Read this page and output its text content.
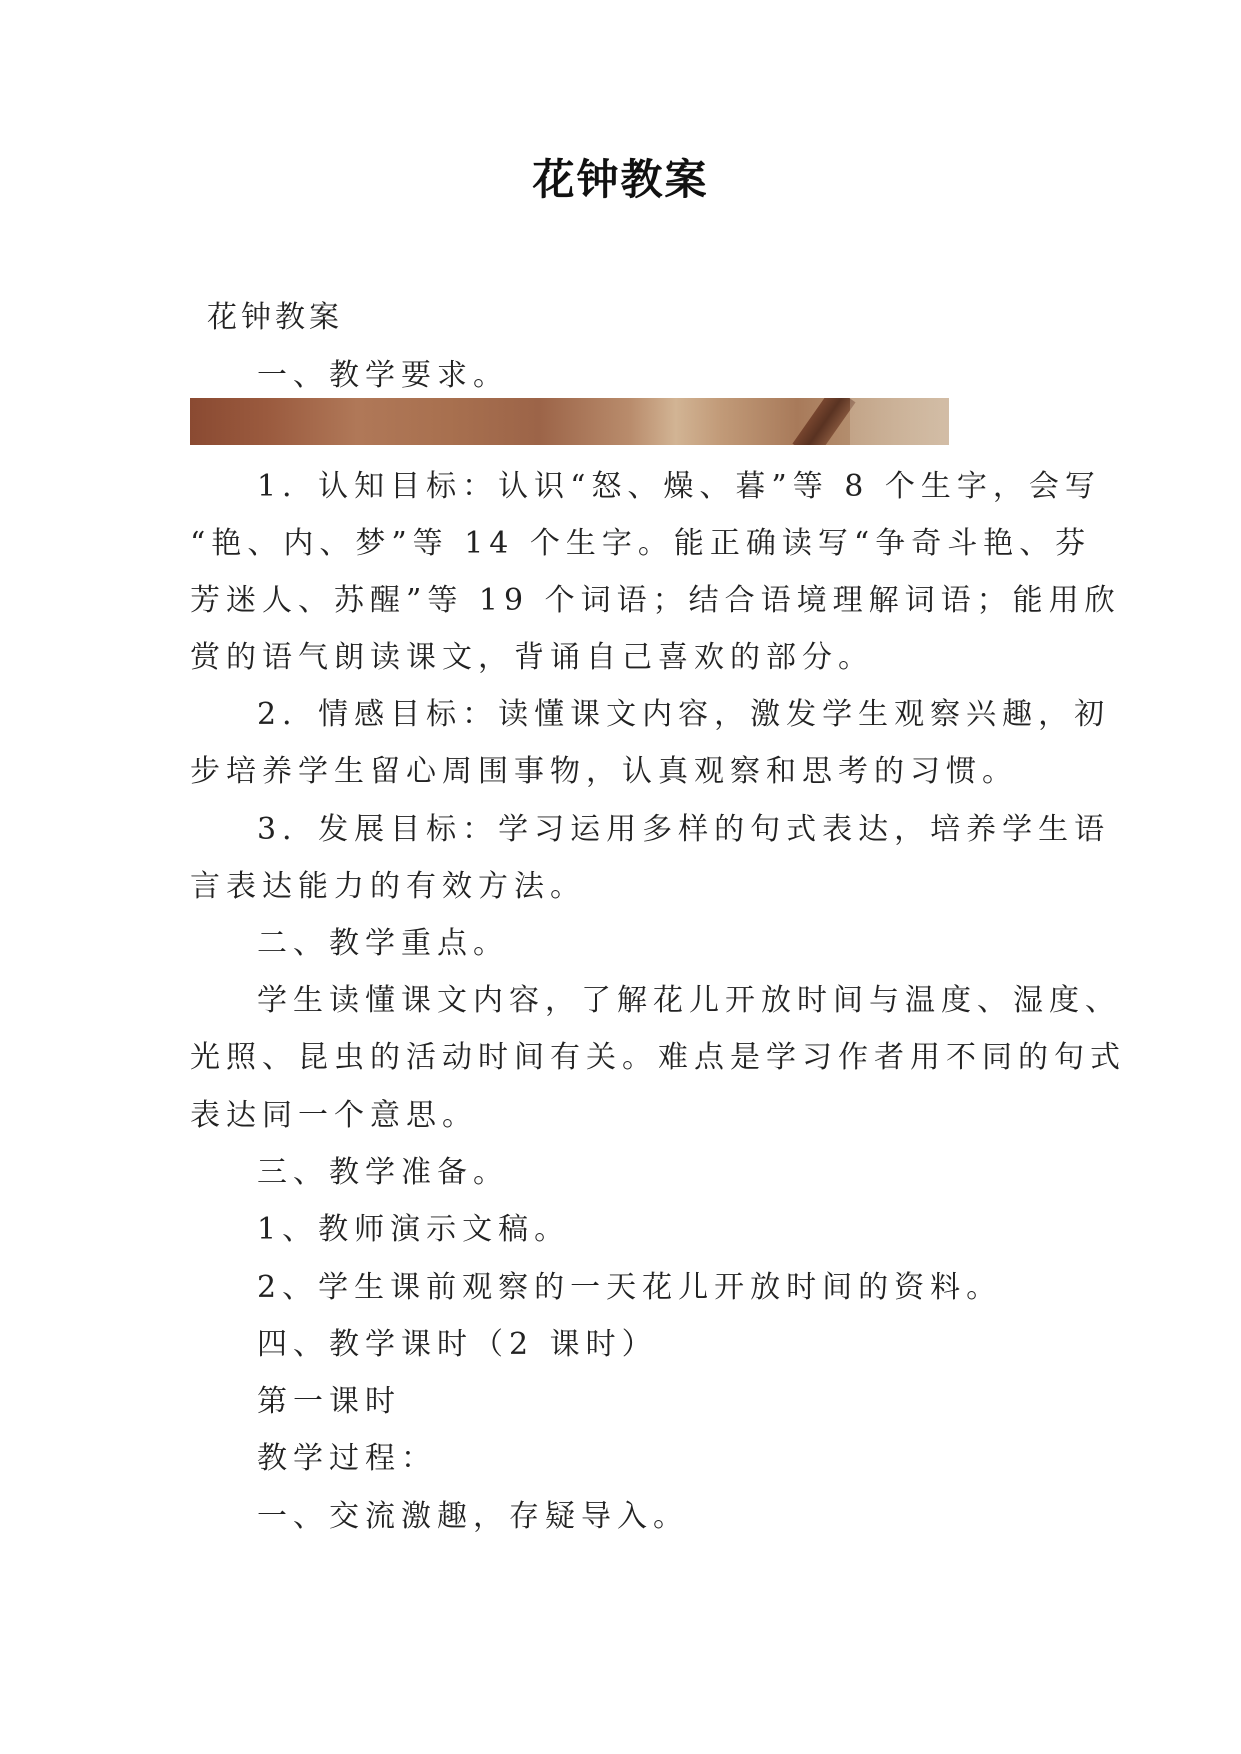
花钟教案
花钟教案
一、教学要求。
1．认知目标：认识“怒、燥、暮”等 8 个生字，会写
“艳、内、梦”等 14 个生字。能正确读写“争奇斗艳、芬
芳迷人、苏醒”等 19 个词语；结合语境理解词语；能用欣
赏的语气朗读课文，背诵自己喜欢的部分。
2．情感目标：读懂课文内容，激发学生观察兴趣，初
步培养学生留心周围事物，认真观察和思考的习惯。
3．发展目标：学习运用多样的句式表达，培养学生语
言表达能力的有效方法。
二、教学重点。
学生读懂课文内容，了解花儿开放时间与温度、湿度、
光照、昆虫的活动时间有关。难点是学习作者用不同的句式
表达同一个意思。
三、教学准备。
1、教师演示文稿。
2、学生课前观察的一天花儿开放时间的资料。
四、教学课时（2 课时）
第一课时
教学过程：
一、交流激趣，存疑导入。
